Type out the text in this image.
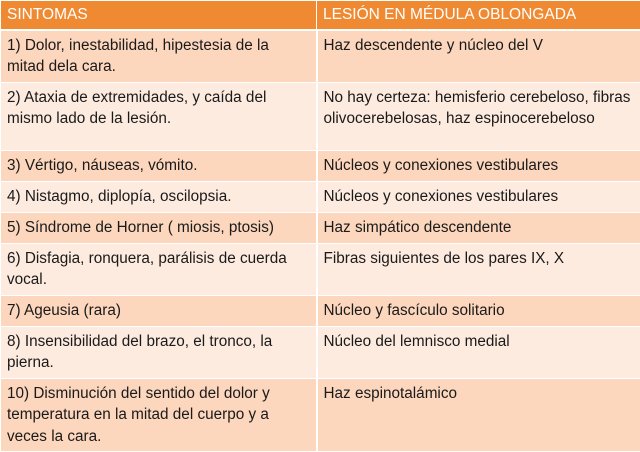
SINTOMAS	LESIÓN EN MÉDULA OBLONGADA
1) Dolor, inestabilidad, hipestesia de la mitad dela cara.	Haz descendente y núcleo del V
2) Ataxia de extremidades, y caída del mismo lado de la lesión.	No hay certeza: hemisferio cerebeloso, fibras olivocerebelosas, haz espinocerebeloso
3) Vértigo, náuseas, vómito.	Núcleos y conexiones vestibulares
4) Nistagmo, diplopía, oscilopsia.	Núcleos y conexiones vestibulares
5) Síndrome de Horner ( miosis, ptosis)	Haz simpático descendente
6) Disfagia, ronquera, parálisis de cuerda vocal.	Fibras siguientes de los pares IX, X
7) Ageusia (rara)	Núcleo y fascículo solitario
8) Insensibilidad del brazo, el tronco, la pierna.	Núcleo del lemnisco medial
10) Disminución del sentido del dolor y temperatura en la mitad del cuerpo y a veces la cara.	Haz espinotalámico
